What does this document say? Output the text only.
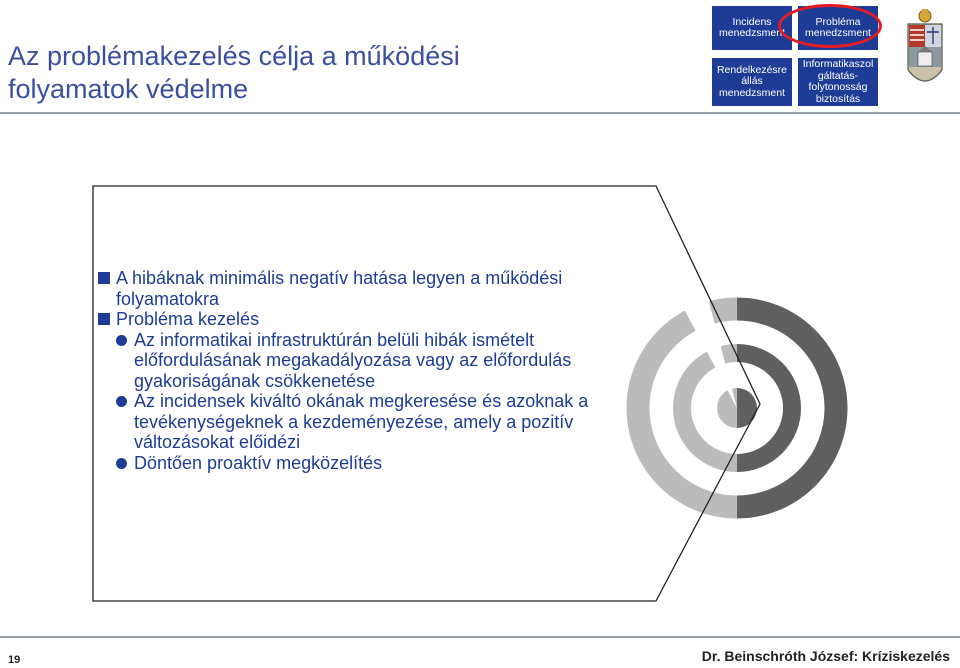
Az problémakezelés célja a működési
folyamatok védelme
Incidens
menedzsment
Probléma
menedzsment
Rendelkezésre
állás
menedzsment
Informatikaszol
gáltatás-
folytonosság
biztosítás
A hibáknak minimális negatív hatása legyen a működési folyamatokra
Probléma kezelés
Az informatikai infrastruktúrán belüli hibák ismételt előfordulásának megakadályozása vagy az előfordulás gyakoriságának csökkenetése
Az incidensek kiváltó okának megkeresése és azoknak a tevékenységeknek a kezdeményezése, amely a pozitív változásokat előidézi
Döntően proaktív megközelítés
19	Dr. Beinschróth József: Kríziskezelés
